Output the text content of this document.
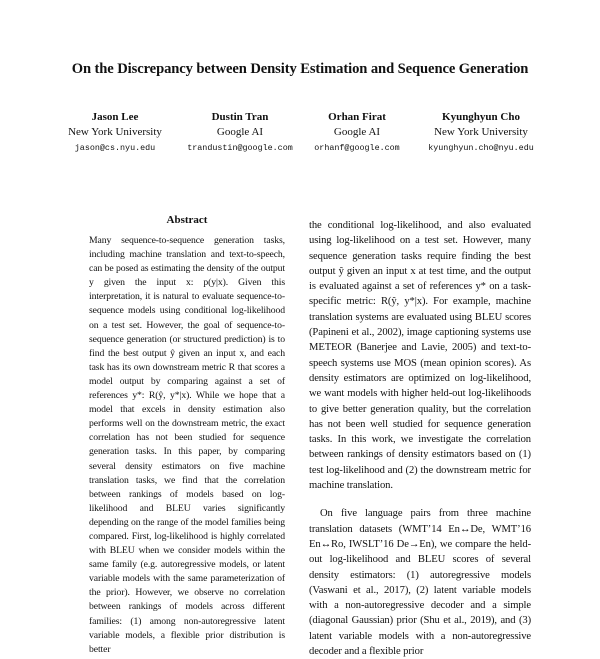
On the Discrepancy between Density Estimation and Sequence Generation
Jason Lee
New York University
jason@cs.nyu.edu
Dustin Tran
Google AI
trandustin@google.com
Orhan Firat
Google AI
orhanf@google.com
Kyunghyun Cho
New York University
kyunghyun.cho@nyu.edu
Abstract
Many sequence-to-sequence generation tasks, including machine translation and text-to-speech, can be posed as estimating the density of the output y given the input x: p(y|x). Given this interpretation, it is natural to evaluate sequence-to-sequence models using conditional log-likelihood on a test set. However, the goal of sequence-to-sequence generation (or structured prediction) is to find the best output ŷ given an input x, and each task has its own downstream metric R that scores a model output by comparing against a set of references y*: R(ŷ, y*|x). While we hope that a model that excels in density estimation also performs well on the downstream metric, the exact correlation has not been studied for sequence generation tasks. In this paper, by comparing several density estimators on five machine translation tasks, we find that the correlation between rankings of models based on log-likelihood and BLEU varies significantly depending on the range of the model families being compared. First, log-likelihood is highly correlated with BLEU when we consider models within the same family (e.g. autoregressive models, or latent variable models with the same parameterization of the prior). However, we observe no correlation between rankings of models across different families: (1) among non-autoregressive latent variable models, a flexible prior distribution is better

the conditional log-likelihood, and also evaluated using log-likelihood on a test set. However, many sequence generation tasks require finding the best output ŷ given an input x at test time, and the output is evaluated against a set of references y* on a task-specific metric: R(ŷ, y*|x). For example, machine translation systems are evaluated using BLEU scores (Papineni et al., 2002), image captioning systems use METEOR (Banerjee and Lavie, 2005) and text-to-speech systems use MOS (mean opinion scores). As density estimators are optimized on log-likelihood, we want models with higher held-out log-likelihoods to give better generation quality, but the correlation has not been well studied for sequence generation tasks. In this work, we investigate the correlation between rankings of density estimators based on (1) test log-likelihood and (2) the downstream metric for machine translation.

On five language pairs from three machine translation datasets (WMT’14 En↔De, WMT’16 En↔Ro, IWSLT’16 De→En), we compare the held-out log-likelihood and BLEU scores of several density estimators: (1) autoregressive models (Vaswani et al., 2017), (2) latent variable models with a non-autoregressive decoder and a simple (diagonal Gaussian) prior (Shu et al., 2019), and (3) latent variable models with a non-autoregressive decoder and a flexible prior
